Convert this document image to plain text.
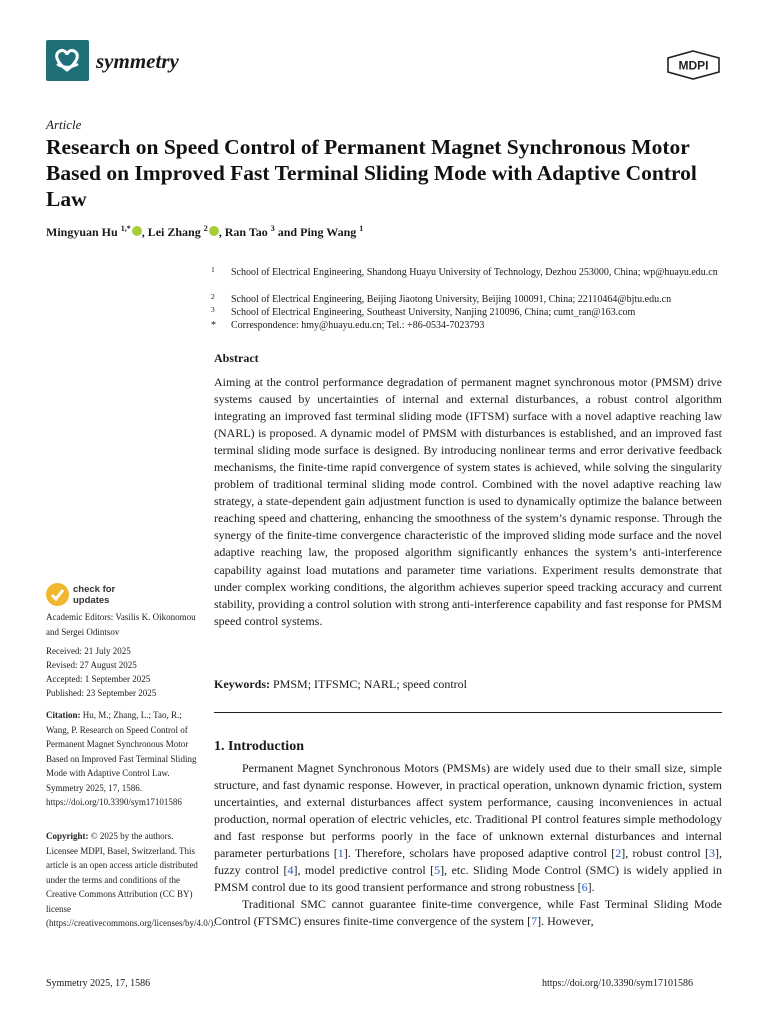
symmetry	MDPI
Article
Research on Speed Control of Permanent Magnet Synchronous Motor Based on Improved Fast Terminal Sliding Mode with Adaptive Control Law
Mingyuan Hu $^{1,*}$ , Lei Zhang $^2$ , Ran Tao $^3$ and Ping Wang $^1$
1	School of Electrical Engineering, Shandong Huayu University of Technology, Dezhou 253000, China; wp@huayu.edu.cn
2	School of Electrical Engineering, Beijing Jiaotong University, Beijing 100091, China; 22110464@bjtu.edu.cn
3	School of Electrical Engineering, Southeast University, Nanjing 210096, China; cumt_ran@163.com
*	Correspondence: hmy@huayu.edu.cn; Tel.: +86-0534-7023793
Abstract
Aiming at the control performance degradation of permanent magnet synchronous motor (PMSM) drive systems caused by uncertainties of internal and external disturbances, a robust control algorithm integrating an improved fast terminal sliding mode (IFTSM) surface with a novel adaptive reaching law (NARL) is proposed. A dynamic model of PMSM with disturbances is established, and an improved fast terminal sliding mode surface is designed. By introducing nonlinear terms and error derivative feedback mechanisms, the finite-time rapid convergence of system states is achieved, while solving the singularity problem of traditional terminal sliding mode control. Combined with the novel adaptive reaching law strategy, a state-dependent gain adjustment function is used to dynamically optimize the balance between reaching speed and chattering, enhancing the smoothness of the system’s dynamic response. Through the synergy of the finite-time convergence characteristic of the improved sliding mode surface and the novel adaptive reaching law, the proposed algorithm significantly enhances the system’s anti-interference capability against load mutations and parameter time variations. Experiment results demonstrate that under complex working conditions, the algorithm achieves superior speed tracking accuracy and current stability, providing a control solution with strong anti-interference capability and fast response for PMSM speed control systems.
Keywords: PMSM; ITFSMC; NARL; speed control
1. Introduction

Permanent Magnet Synchronous Motors (PMSMs) are widely used due to their small size, simple structure, and fast dynamic response. However, in practical operation, unknown dynamic friction, system uncertainties, and external disturbances affect system performance, causing inconveniences in actual production, normal operation of electric vehicles, etc. Traditional PI control features simple methodology and fast response but performs poorly in the face of unknown external disturbances and internal parameter perturbations [1]. Therefore, scholars have proposed adaptive control [2], robust control [3], fuzzy control [4], model predictive control [5], etc. Sliding Mode Control (SMC) is widely applied in PMSM control due to its good transient performance and strong robustness [6].

Traditional SMC cannot guarantee finite-time convergence, while Fast Terminal Sliding Mode Control (FTSMC) ensures finite-time convergence of the system [7]. However,

check for
updates
Academic Editors: Vasilis K. Oikonomou and Sergei Odintsov
Received: 21 July 2025
Revised: 27 August 2025
Accepted: 1 September 2025
Published: 23 September 2025
Citation: Hu, M.; Zhang, L.; Tao, R.; Wang, P. Research on Speed Control of Permanent Magnet Synchronous Motor Based on Improved Fast Terminal Sliding Mode with Adaptive Control Law. Symmetry 2025, 17, 1586. https://doi.org/10.3390/sym17101586
Copyright: © 2025 by the authors. Licensee MDPI, Basel, Switzerland. This article is an open access article distributed under the terms and conditions of the Creative Commons Attribution (CC BY) license (https://creativecommons.org/licenses/by/4.0/).
Symmetry 2025, 17, 1586	https://doi.org/10.3390/sym17101586
